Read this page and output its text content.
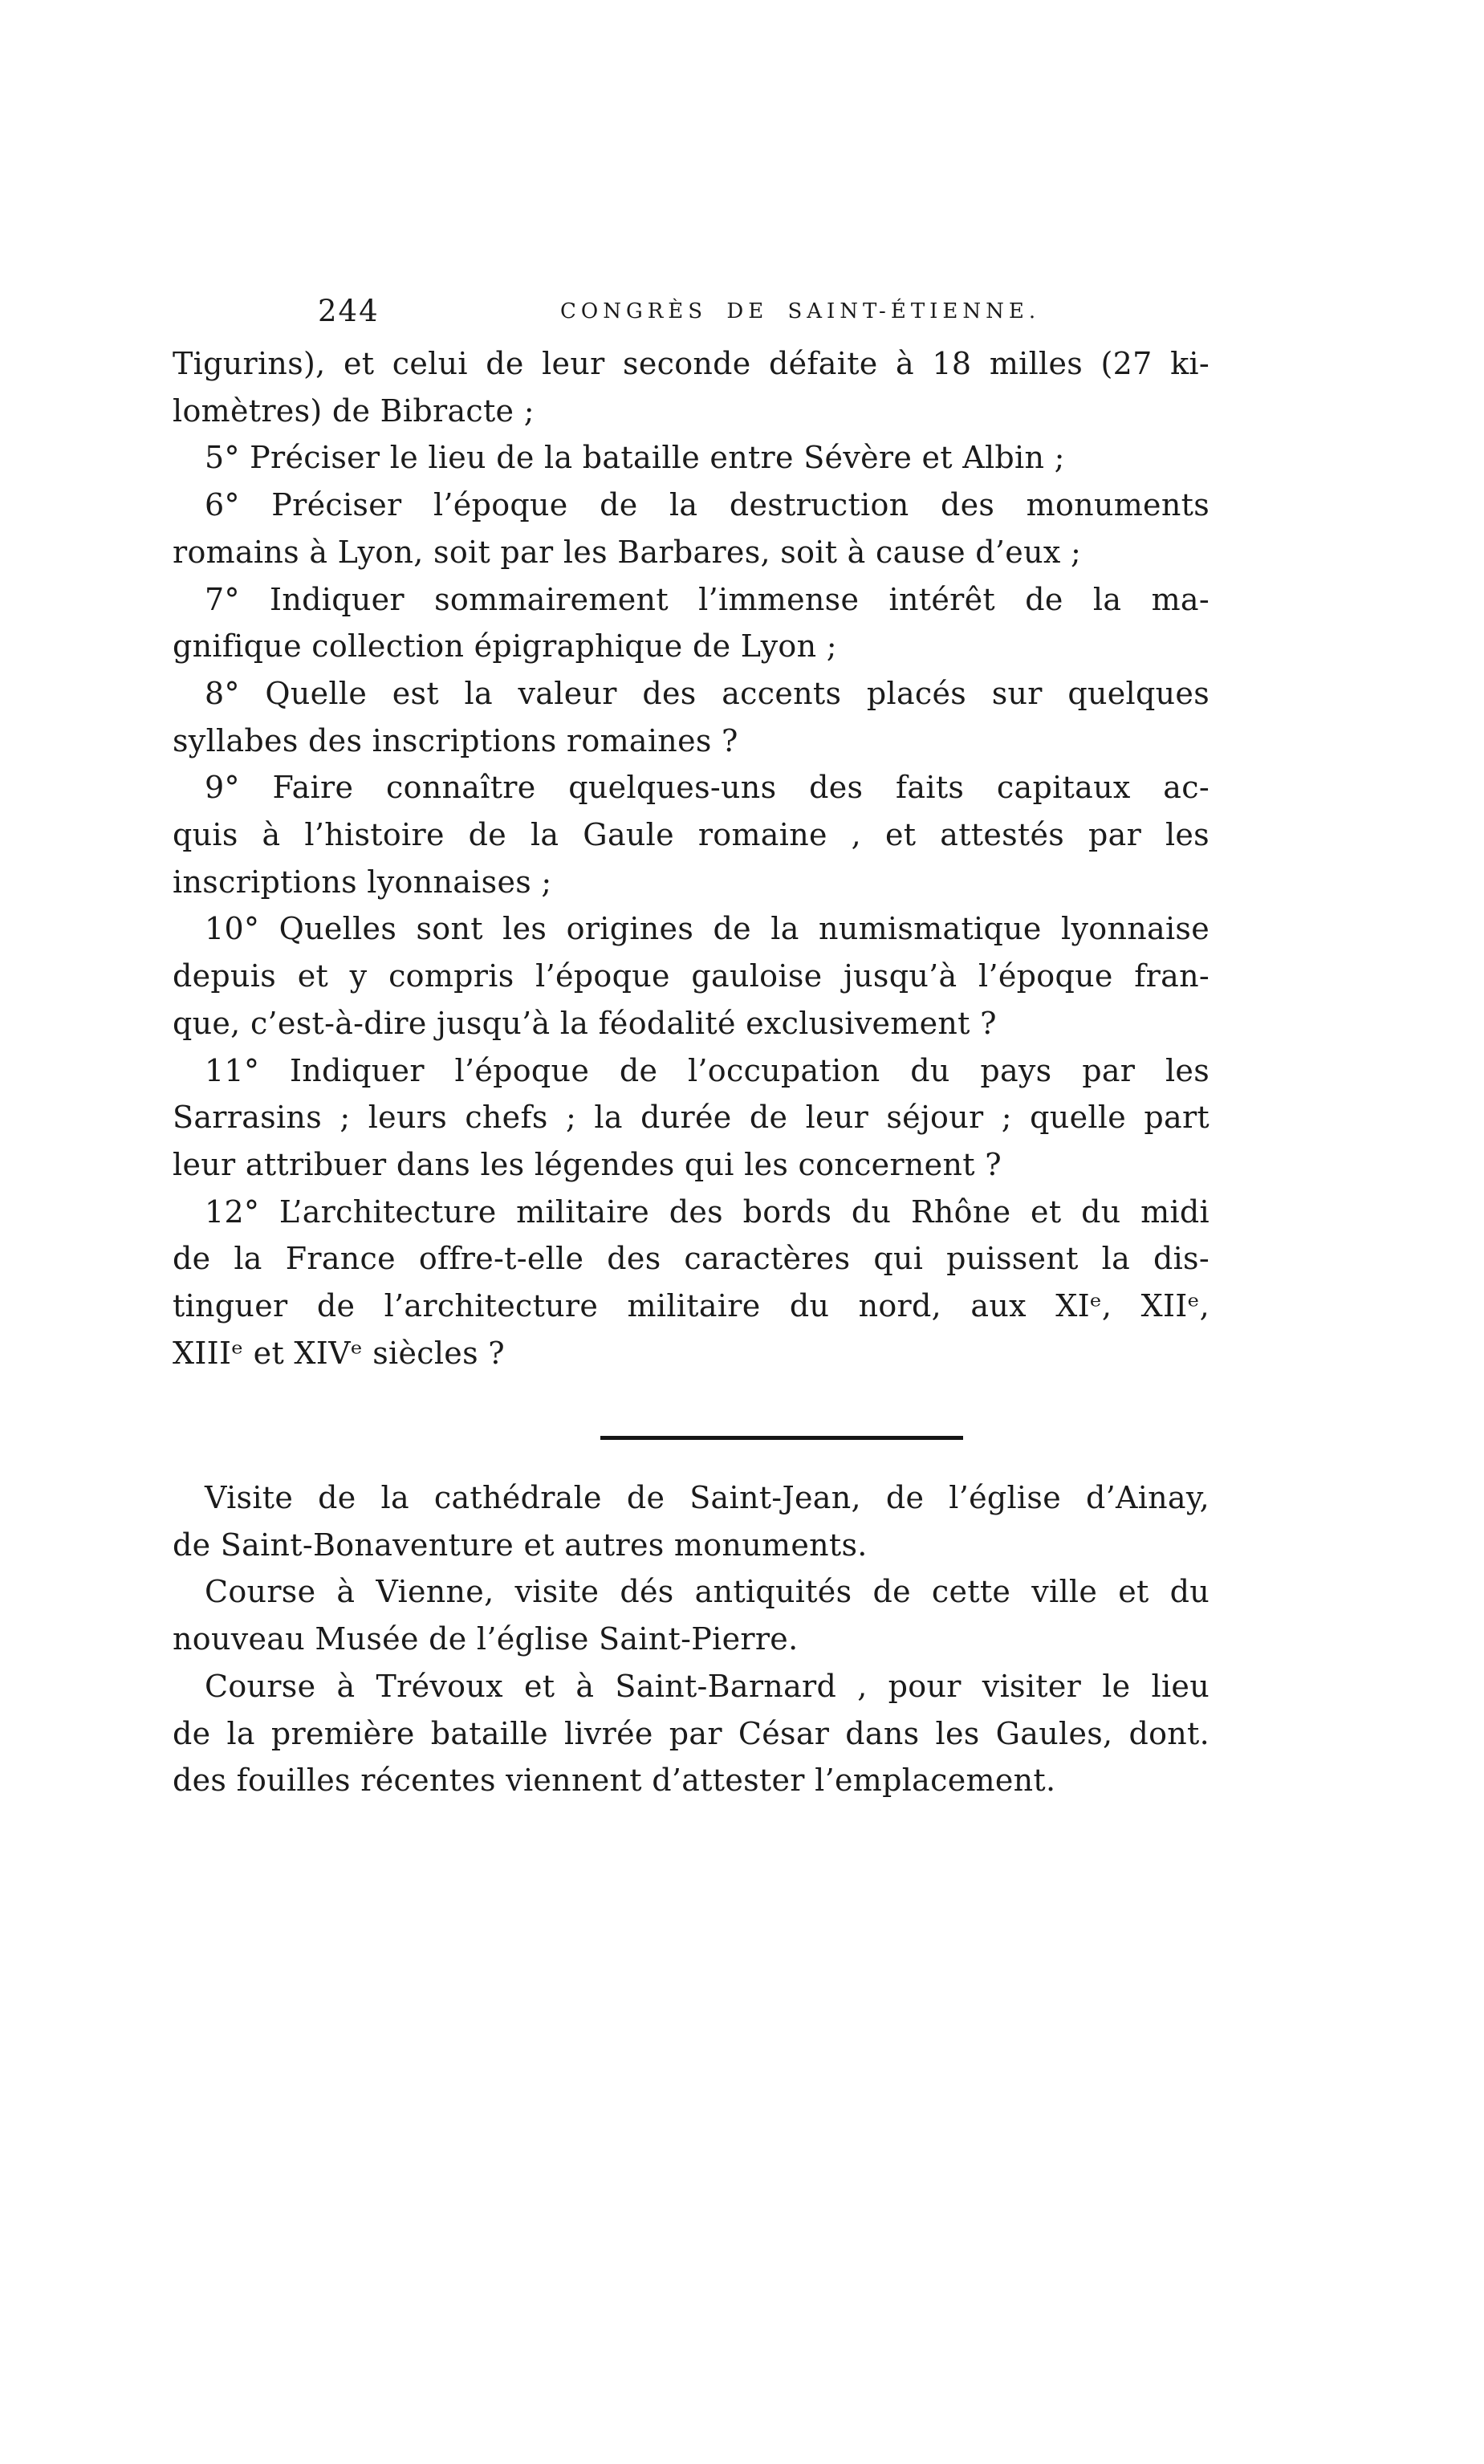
244	CONGRÈS DE SAINT-ÉTIENNE.
Tigurins), et celui de leur seconde défaite à 18 milles (27 ki-
lomètres) de Bibracte ;
5° Préciser le lieu de la bataille entre Sévère et Albin ;
6° Préciser l’époque de la destruction des monuments
romains à Lyon, soit par les Barbares, soit à cause d’eux ;
7° Indiquer sommairement l’immense intérêt de la ma-
gnifique collection épigraphique de Lyon ;
8° Quelle est la valeur des accents placés sur quelques
syllabes des inscriptions romaines ?
9° Faire connaître quelques-uns des faits capitaux ac-
quis à l’histoire de la Gaule romaine , et attestés par les
inscriptions lyonnaises ;
10° Quelles sont les origines de la numismatique lyonnaise
depuis et y compris l’époque gauloise jusqu’à l’époque fran-
que, c’est-à-dire jusqu’à la féodalité exclusivement ?
11° Indiquer l’époque de l’occupation du pays par les
Sarrasins ; leurs chefs ; la durée de leur séjour ; quelle part
leur attribuer dans les légendes qui les concernent ?
12° L’architecture militaire des bords du Rhône et du midi
de la France offre-t-elle des caractères qui puissent la dis-
tinguer de l’architecture militaire du nord, aux XIᵉ, XIIᵉ,
XIIIᵉ et XIVᵉ siècles ?
Visite de la cathédrale de Saint-Jean, de l’église d’Ainay,
de Saint-Bonaventure et autres monuments.
Course à Vienne, visite dés antiquités de cette ville et du
nouveau Musée de l’église Saint-Pierre.
Course à Trévoux et à Saint-Barnard , pour visiter le lieu
de la première bataille livrée par César dans les Gaules, dont.
des fouilles récentes viennent d’attester l’emplacement.
